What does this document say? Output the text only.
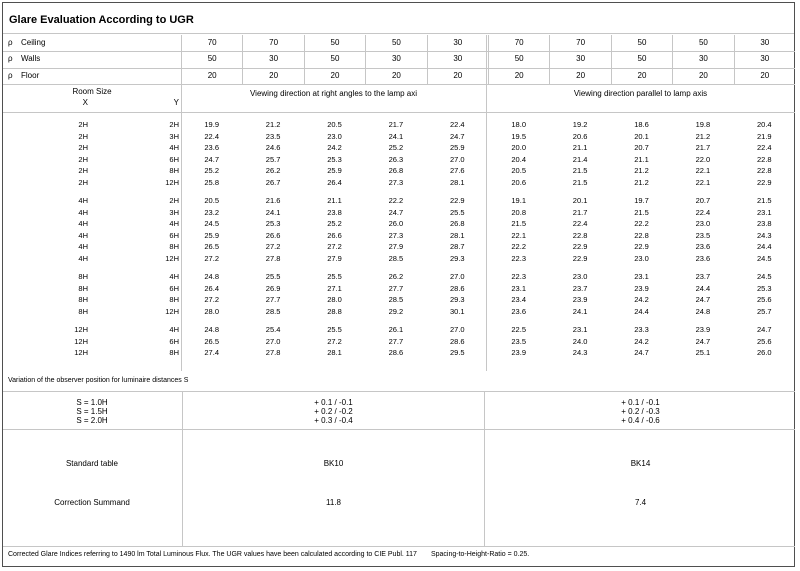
Glare Evaluation According to UGR
ρ Ceiling	70	70	50	50	30	70	70	50	50	30
ρ Walls	50	30	50	30	30	50	30	50	30	30
ρ Floor	20	20	20	20	20	20	20	20	20	20
Room Size
X	Y
Viewing direction at right angles to the lamp axi	Viewing direction parallel to lamp axis
2H	2H	19.9	21.2	20.5	21.7	22.4	18.0	19.2	18.6	19.8	20.4
2H	3H	22.4	23.5	23.0	24.1	24.7	19.5	20.6	20.1	21.2	21.9
2H	4H	23.6	24.6	24.2	25.2	25.9	20.0	21.1	20.7	21.7	22.4
2H	6H	24.7	25.7	25.3	26.3	27.0	20.4	21.4	21.1	22.0	22.8
2H	8H	25.2	26.2	25.9	26.8	27.6	20.5	21.5	21.2	22.1	22.8
2H	12H	25.8	26.7	26.4	27.3	28.1	20.6	21.5	21.2	22.1	22.9
4H	2H	20.5	21.6	21.1	22.2	22.9	19.1	20.1	19.7	20.7	21.5
4H	3H	23.2	24.1	23.8	24.7	25.5	20.8	21.7	21.5	22.4	23.1
4H	4H	24.5	25.3	25.2	26.0	26.8	21.5	22.4	22.2	23.0	23.8
4H	6H	25.9	26.6	26.6	27.3	28.1	22.1	22.8	22.8	23.5	24.3
4H	8H	26.5	27.2	27.2	27.9	28.7	22.2	22.9	22.9	23.6	24.4
4H	12H	27.2	27.8	27.9	28.5	29.3	22.3	22.9	23.0	23.6	24.5
8H	4H	24.8	25.5	25.5	26.2	27.0	22.3	23.0	23.1	23.7	24.5
8H	6H	26.4	26.9	27.1	27.7	28.6	23.1	23.7	23.9	24.4	25.3
8H	8H	27.2	27.7	28.0	28.5	29.3	23.4	23.9	24.2	24.7	25.6
8H	12H	28.0	28.5	28.8	29.2	30.1	23.6	24.1	24.4	24.8	25.7
12H	4H	24.8	25.4	25.5	26.1	27.0	22.5	23.1	23.3	23.9	24.7
12H	6H	26.5	27.0	27.2	27.7	28.6	23.5	24.0	24.2	24.7	25.6
12H	8H	27.4	27.8	28.1	28.6	29.5	23.9	24.3	24.7	25.1	26.0
Variation of the observer position for luminaire distances S
S = 1.0H	+ 0.1 / -0.1	+ 0.1 / -0.1
S = 1.5H	+ 0.2 / -0.2	+ 0.2 / -0.3
S = 2.0H	+ 0.3 / -0.4	+ 0.4 / -0.6
Standard table	BK10	BK14
Correction Summand	11.8	7.4
Corrected Glare Indices referring to 1490 lm Total Luminous Flux. The UGR values have been calculated according to CIE Publ. 117 Spacing-to-Height-Ratio = 0.25.
